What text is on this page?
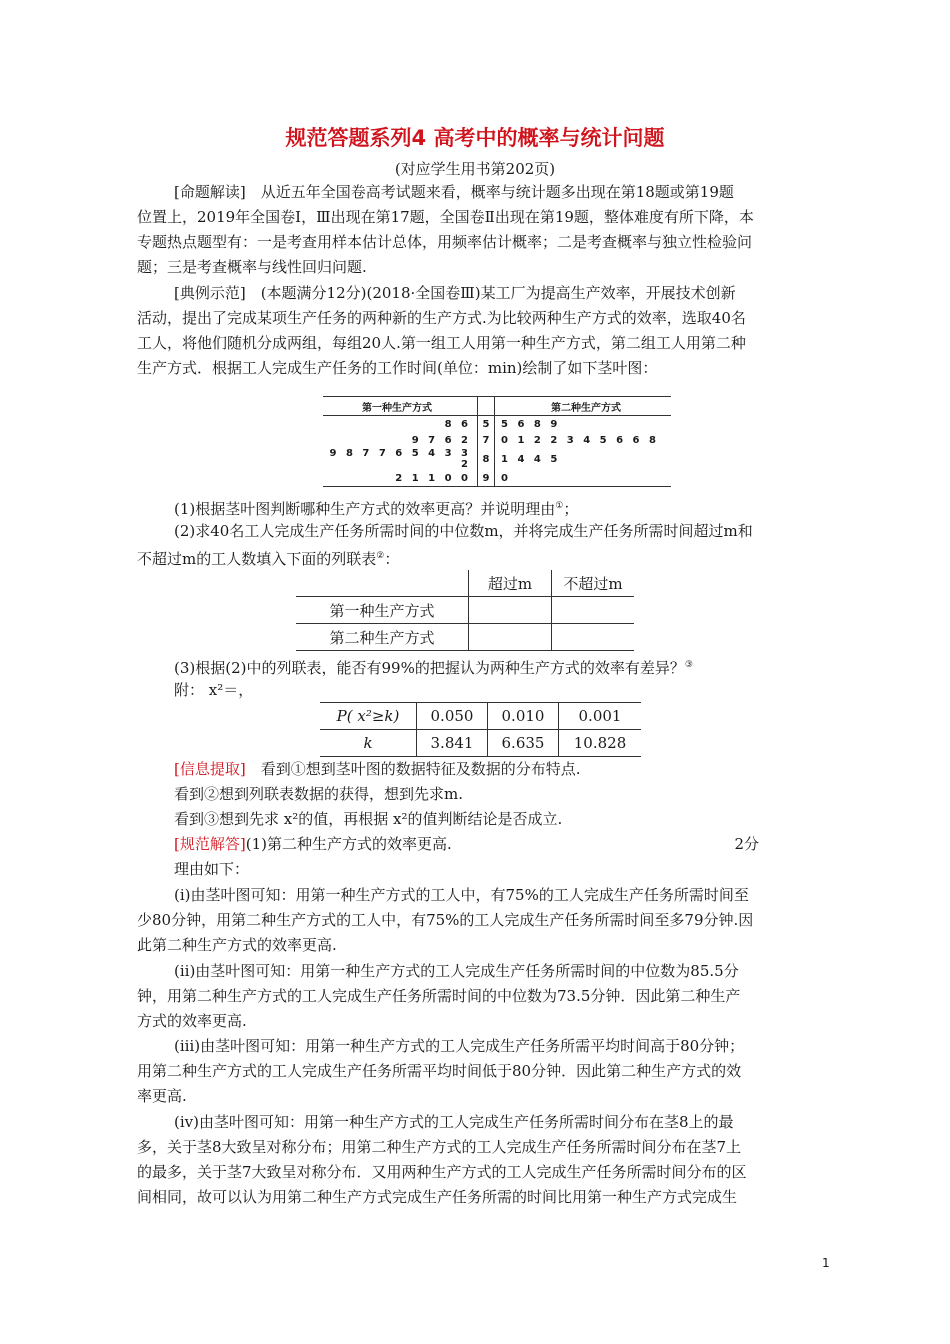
规范答题系列4 高考中的概率与统计问题
(对应学生用书第202页)
[命题解读]　从近五年全国卷高考试题来看，概率与统计题多出现在第18题或第19题
位置上，2019年全国卷Ⅰ，Ⅲ出现在第17题，全国卷Ⅱ出现在第19题，整体难度有所下降，本
专题热点题型有：一是考查用样本估计总体，用频率估计概率；二是考查概率与独立性检验问
题；三是考查概率与线性回归问题.
[典例示范]　(本题满分12分)(2018·全国卷Ⅲ)某工厂为提高生产效率，开展技术创新
活动，提出了完成某项生产任务的两种新的生产方式.为比较两种生产方式的效率，选取40名
工人，将他们随机分成两组，每组20人.第一组工人用第一种生产方式，第二组工人用第二种
生产方式．根据工人完成生产任务的工作时间(单位：min)绘制了如下茎叶图：
第一种生产方式		第二种生产方式
8 6	5	5 6 8 9
9 7 6 2	7	0 1 2 2 3 4 5 6 6 8
9 8 7 7 6 5 4 3 3 2	8	1 4 4 5
2 1 1 0 0	9	0
(1)根据茎叶图判断哪种生产方式的效率更高？并说明理由①；
(2)求40名工人完成生产任务所需时间的中位数m，并将完成生产任务所需时间超过m和
不超过m的工人数填入下面的列联表②：
	超过m	不超过m
第一种生产方式		
第二种生产方式		
(3)根据(2)中的列联表，能否有99%的把握认为两种生产方式的效率有差异？③
附： x²＝，
P( x²≥k)	0.050	0.010	0.001
k	3.841	6.635	10.828
[信息提取]　看到①想到茎叶图的数据特征及数据的分布特点.
看到②想到列联表数据的获得，想到先求m.
看到③想到先求 x²的值，再根据 x²的值判断结论是否成立.
[规范解答](1)第二种生产方式的效率更高.	2分
理由如下：
(ⅰ)由茎叶图可知：用第一种生产方式的工人中，有75%的工人完成生产任务所需时间至
少80分钟，用第二种生产方式的工人中，有75%的工人完成生产任务所需时间至多79分钟.因
此第二种生产方式的效率更高.
(ⅱ)由茎叶图可知：用第一种生产方式的工人完成生产任务所需时间的中位数为85.5分
钟，用第二种生产方式的工人完成生产任务所需时间的中位数为73.5分钟．因此第二种生产
方式的效率更高.
(ⅲ)由茎叶图可知：用第一种生产方式的工人完成生产任务所需平均时间高于80分钟；
用第二种生产方式的工人完成生产任务所需平均时间低于80分钟．因此第二种生产方式的效
率更高.
(ⅳ)由茎叶图可知：用第一种生产方式的工人完成生产任务所需时间分布在茎8上的最
多，关于茎8大致呈对称分布；用第二种生产方式的工人完成生产任务所需时间分布在茎7上
的最多，关于茎7大致呈对称分布．又用两种生产方式的工人完成生产任务所需时间分布的区
间相同，故可以认为用第二种生产方式完成生产任务所需的时间比用第一种生产方式完成生
1
